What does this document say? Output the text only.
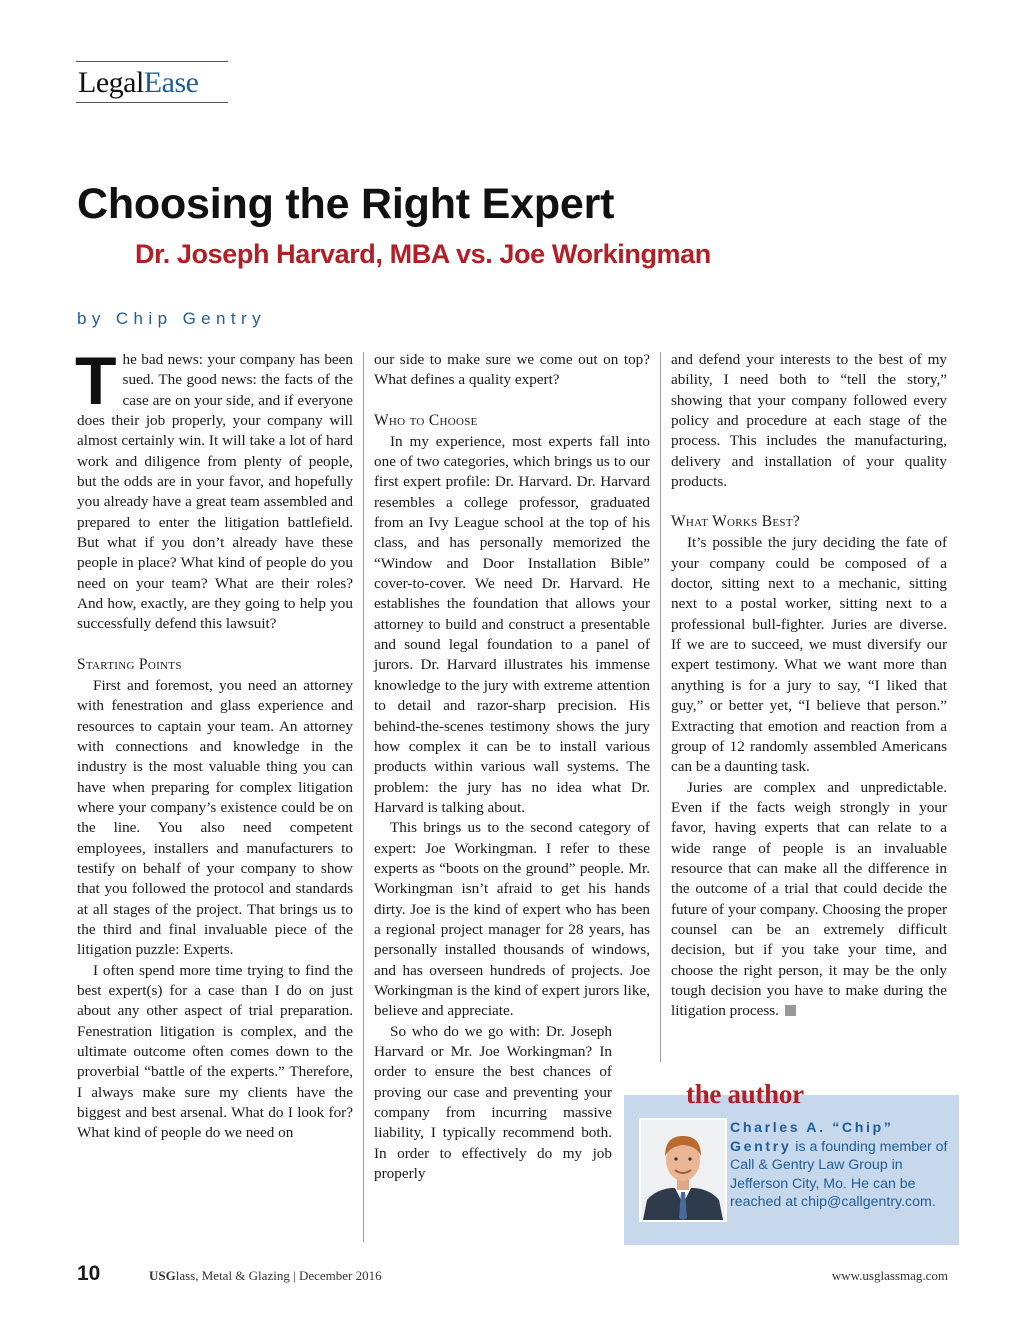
LegalEase
Choosing the Right Expert
Dr. Joseph Harvard, MBA vs. Joe Workingman
by Chip Gentry

The bad news: your company has been sued. The good news: the facts of the case are on your side, and if everyone does their job properly, your company will almost certainly win. It will take a lot of hard work and diligence from plenty of people, but the odds are in your favor, and hopefully you already have a great team assembled and prepared to enter the litigation battlefield. But what if you don’t already have these people in place? What kind of people do you need on your team? What are their roles? And how, exactly, are they going to help you successfully defend this lawsuit?

Starting Points

First and foremost, you need an attorney with fenestration and glass experience and resources to captain your team. An attorney with connections and knowledge in the industry is the most valuable thing you can have when preparing for complex litigation where your company’s existence could be on the line. You also need competent employees, installers and manufacturers to testify on behalf of your company to show that you followed the protocol and standards at all stages of the project. That brings us to the third and final invaluable piece of the litigation puzzle: Experts.

I often spend more time trying to find the best expert(s) for a case than I do on just about any other aspect of trial preparation. Fenestration litigation is complex, and the ultimate outcome often comes down to the proverbial “battle of the experts.” Therefore, I always make sure my clients have the biggest and best arsenal. What do I look for? What kind of people do we need on

our side to make sure we come out on top? What defines a quality expert?

Who to Choose

In my experience, most experts fall into one of two categories, which brings us to our first expert profile: Dr. Harvard. Dr. Harvard resembles a college professor, graduated from an Ivy League school at the top of his class, and has personally memorized the “Window and Door Installation Bible” cover-to-cover. We need Dr. Harvard. He establishes the foundation that allows your attorney to build and construct a presentable and sound legal foundation to a panel of jurors. Dr. Harvard illustrates his immense knowledge to the jury with extreme attention to detail and razor-sharp precision. His behind-the-scenes testimony shows the jury how complex it can be to install various products within various wall systems. The problem: the jury has no idea what Dr. Harvard is talking about.

This brings us to the second category of expert: Joe Workingman. I refer to these experts as “boots on the ground” people. Mr. Workingman isn’t afraid to get his hands dirty. Joe is the kind of expert who has been a regional project manager for 28 years, has personally installed thousands of windows, and has overseen hundreds of projects. Joe Workingman is the kind of expert jurors like, believe and appreciate.

So who do we go with: Dr. Joseph Harvard or Mr. Joe Workingman? In order to ensure the best chances of proving our case and preventing your company from incurring massive liability, I typically recommend both. In order to effectively do my job properly

and defend your interests to the best of my ability, I need both to “tell the story,” showing that your company followed every policy and procedure at each stage of the process. This includes the manufacturing, delivery and installation of your quality products.

What Works Best?

It’s possible the jury deciding the fate of your company could be composed of a doctor, sitting next to a mechanic, sitting next to a postal worker, sitting next to a professional bull-fighter. Juries are diverse. If we are to succeed, we must diversify our expert testimony. What we want more than anything is for a jury to say, “I liked that guy,” or better yet, “I believe that person.” Extracting that emotion and reaction from a group of 12 randomly assembled Americans can be a daunting task.

Juries are complex and unpredictable. Even if the facts weigh strongly in your favor, having experts that can relate to a wide range of people is an invaluable resource that can make all the difference in the outcome of a trial that could decide the future of your company. Choosing the proper counsel can be an extremely difficult decision, but if you take your time, and choose the right person, it may be the only tough decision you have to make during the litigation process.

the author
Charles A. “Chip” Gentry is a founding member of Call & Gentry Law Group in Jefferson City, Mo. He can be reached at chip@callgentry.com.
10	USGlass, Metal & Glazing | December 2016	www.usglassmag.com
